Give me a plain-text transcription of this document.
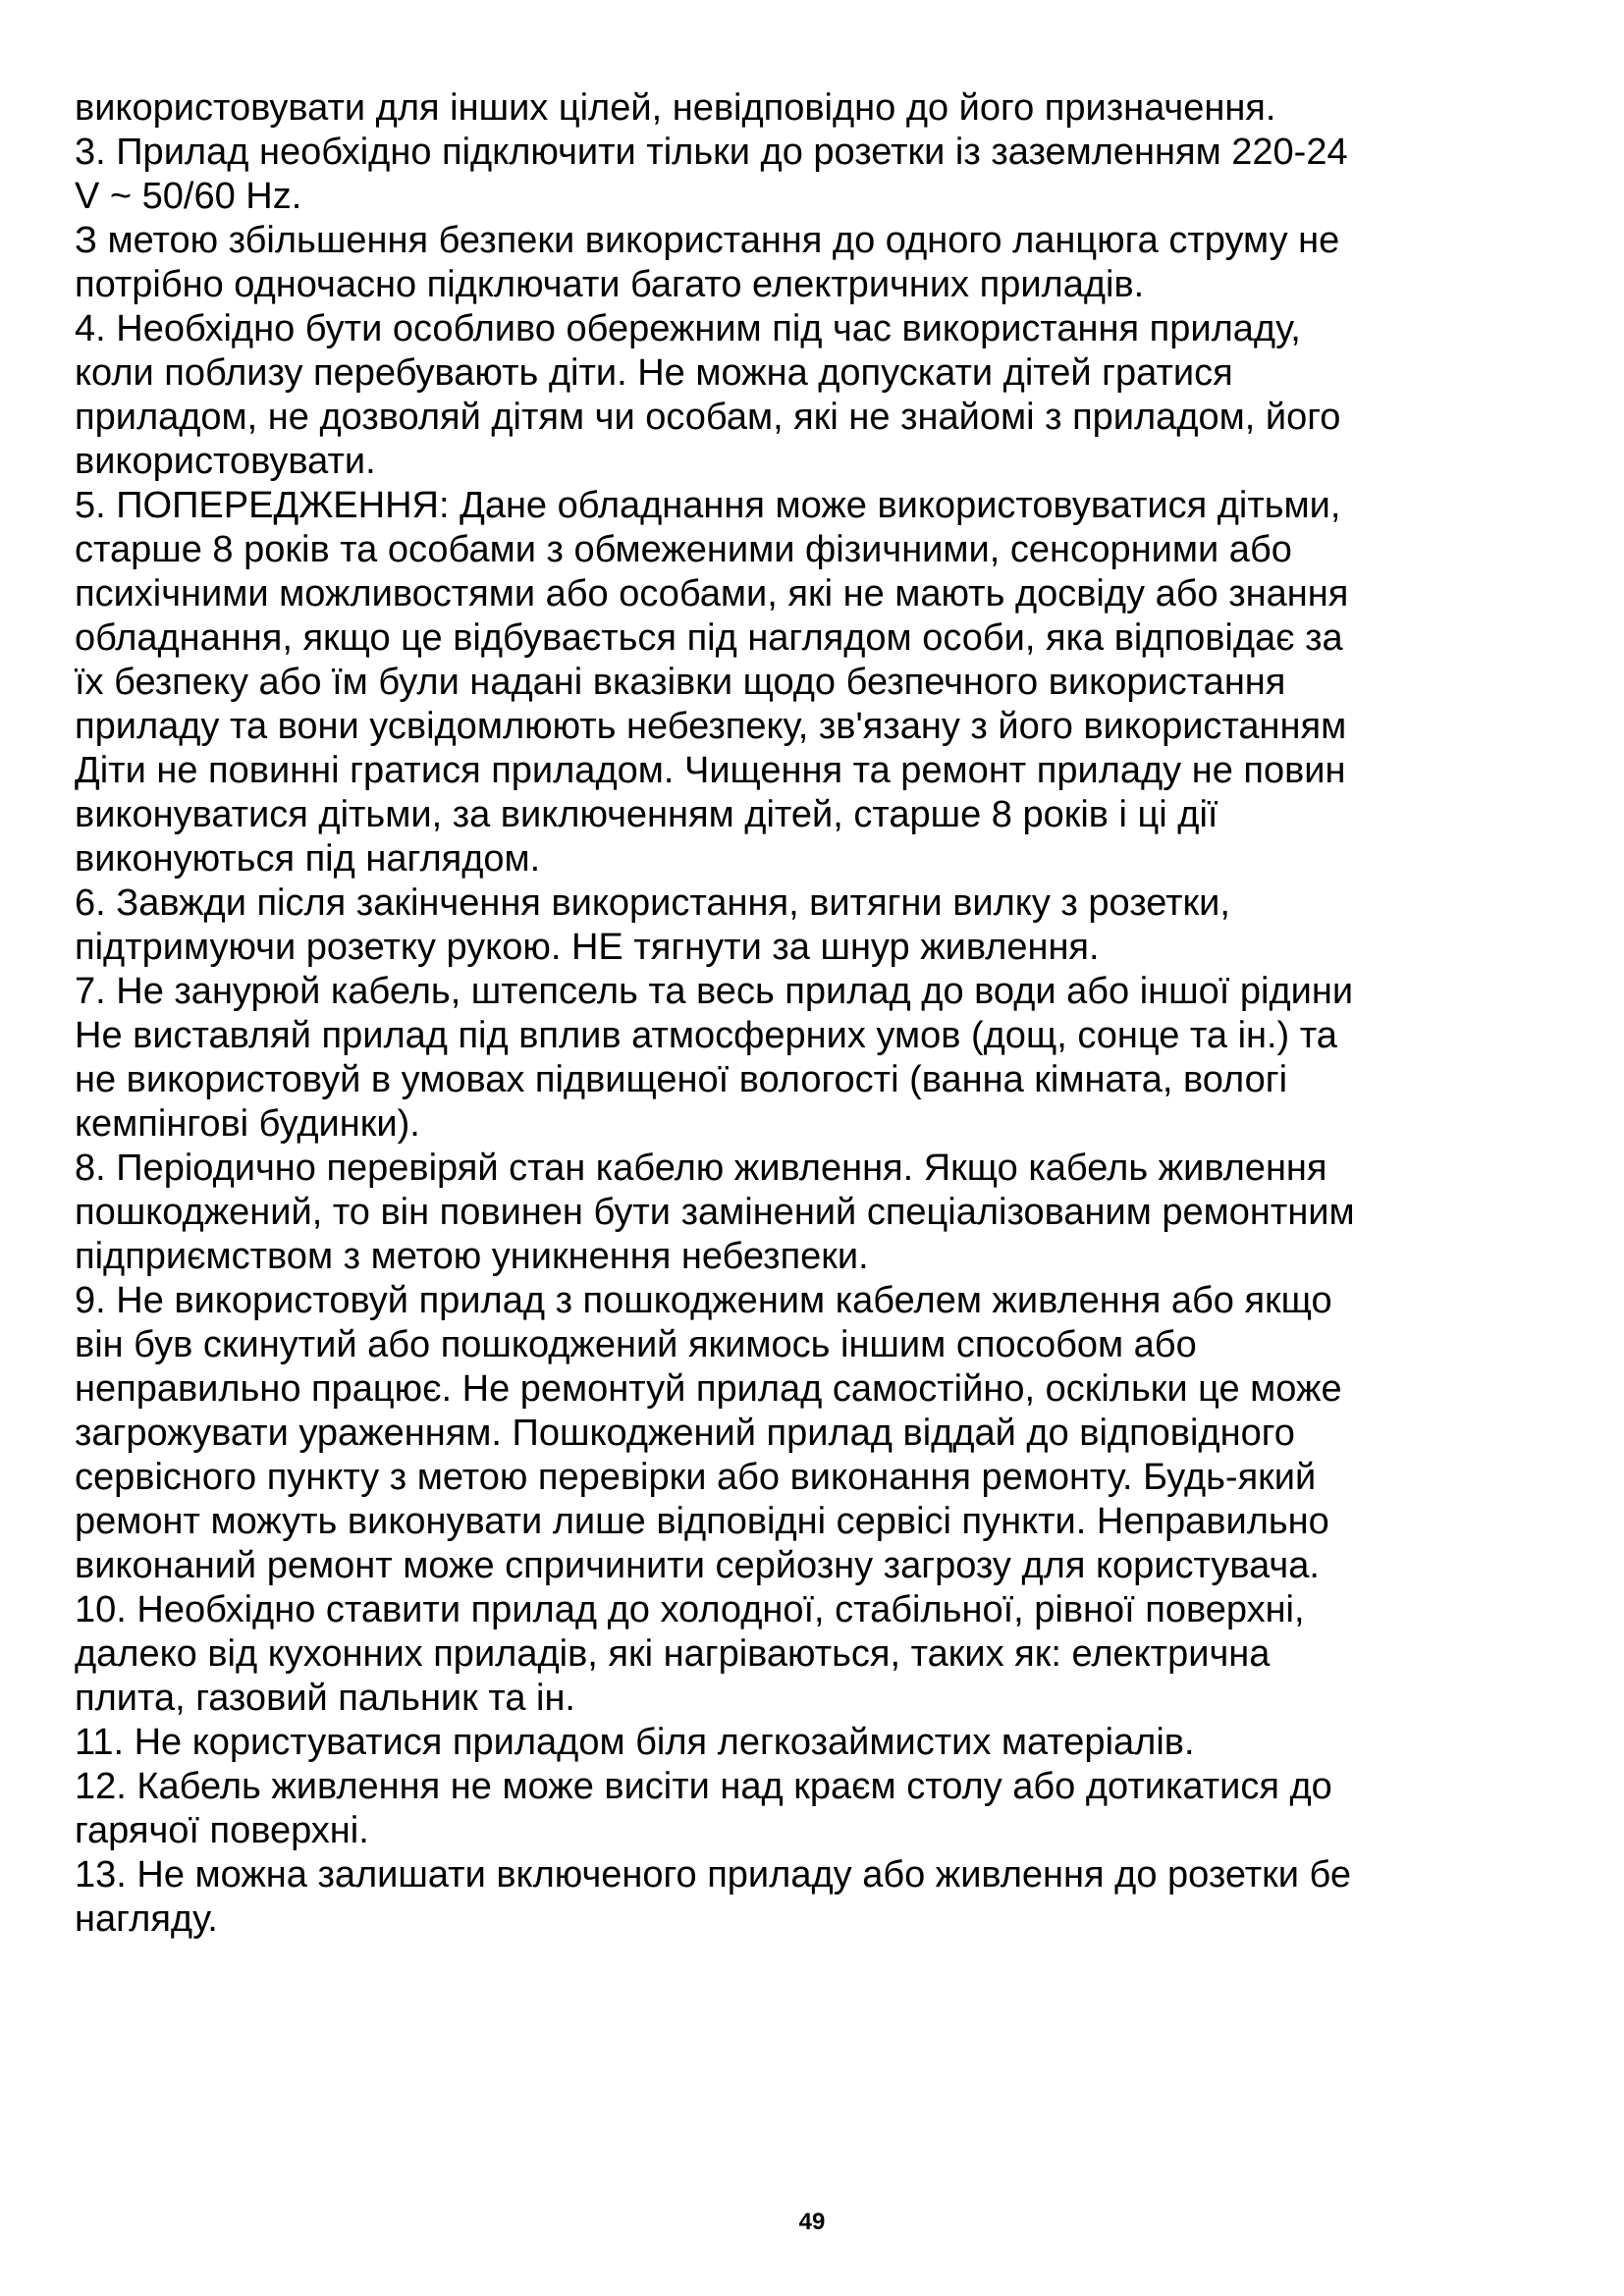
використовувати для інших цілей, невідповідно до його призначення.
3. Прилад необхідно підключити тільки до розетки із заземленням 220-24
V ~ 50/60 Hz.
З метою збільшення безпеки використання до одного ланцюга струму не
потрібно одночасно підключати багато електричних приладів.
4. Необхідно бути особливо обережним під час використання приладу,
коли поблизу перебувають діти. Не можна допускати дітей гратися
приладом, не дозволяй дітям чи особам, які не знайомі з приладом, його
використовувати.
5. ПОПЕРЕДЖЕННЯ: Дане обладнання може використовуватися дітьми,
старше 8 років та особами з обмеженими фізичними, сенсорними або
психічними можливостями або особами, які не мають досвіду або знання
обладнання, якщо це відбувається під наглядом особи, яка відповідає за
їх безпеку або їм були надані вказівки щодо безпечного використання
приладу та вони усвідомлюють небезпеку, зв'язану з його використанням
Діти не повинні гратися приладом. Чищення та ремонт приладу не повин
виконуватися дітьми, за виключенням дітей, старше 8 років і ці дії
виконуються під наглядом.
6. Завжди після закінчення використання, витягни вилку з розетки,
підтримуючи розетку рукою. НЕ тягнути за шнур живлення.
7. Не занурюй кабель, штепсель та весь прилад до води або іншої рідини
Не виставляй прилад під вплив атмосферних умов (дощ, сонце та ін.) та
не використовуй в умовах підвищеної вологості (ванна кімната, вологі
кемпінгові будинки).
8. Періодично перевіряй стан кабелю живлення. Якщо кабель живлення
пошкоджений, то він повинен бути замінений спеціалізованим ремонтним
підприємством з метою уникнення небезпеки.
9. Не використовуй прилад з пошкодженим кабелем живлення або якщо
він був скинутий або пошкоджений якимось іншим способом або
неправильно працює. Не ремонтуй прилад самостійно, оскільки це може
загрожувати ураженням. Пошкоджений прилад віддай до відповідного
сервісного пункту з метою перевірки або виконання ремонту. Будь-який
ремонт можуть виконувати лише відповідні сервісі пункти. Неправильно
виконаний ремонт може спричинити серйозну загрозу для користувача.
10. Необхідно ставити прилад до холодної, стабільної, рівної поверхні,
далеко від кухонних приладів, які нагріваються, таких як: електрична
плита, газовий пальник та ін.
11. Не користуватися приладом біля легкозаймистих матеріалів.
12. Кабель живлення не може висіти над краєм столу або дотикатися до
гарячої поверхні.
13. Не можна залишати включеного приладу або живлення до розетки бе
нагляду.
49
